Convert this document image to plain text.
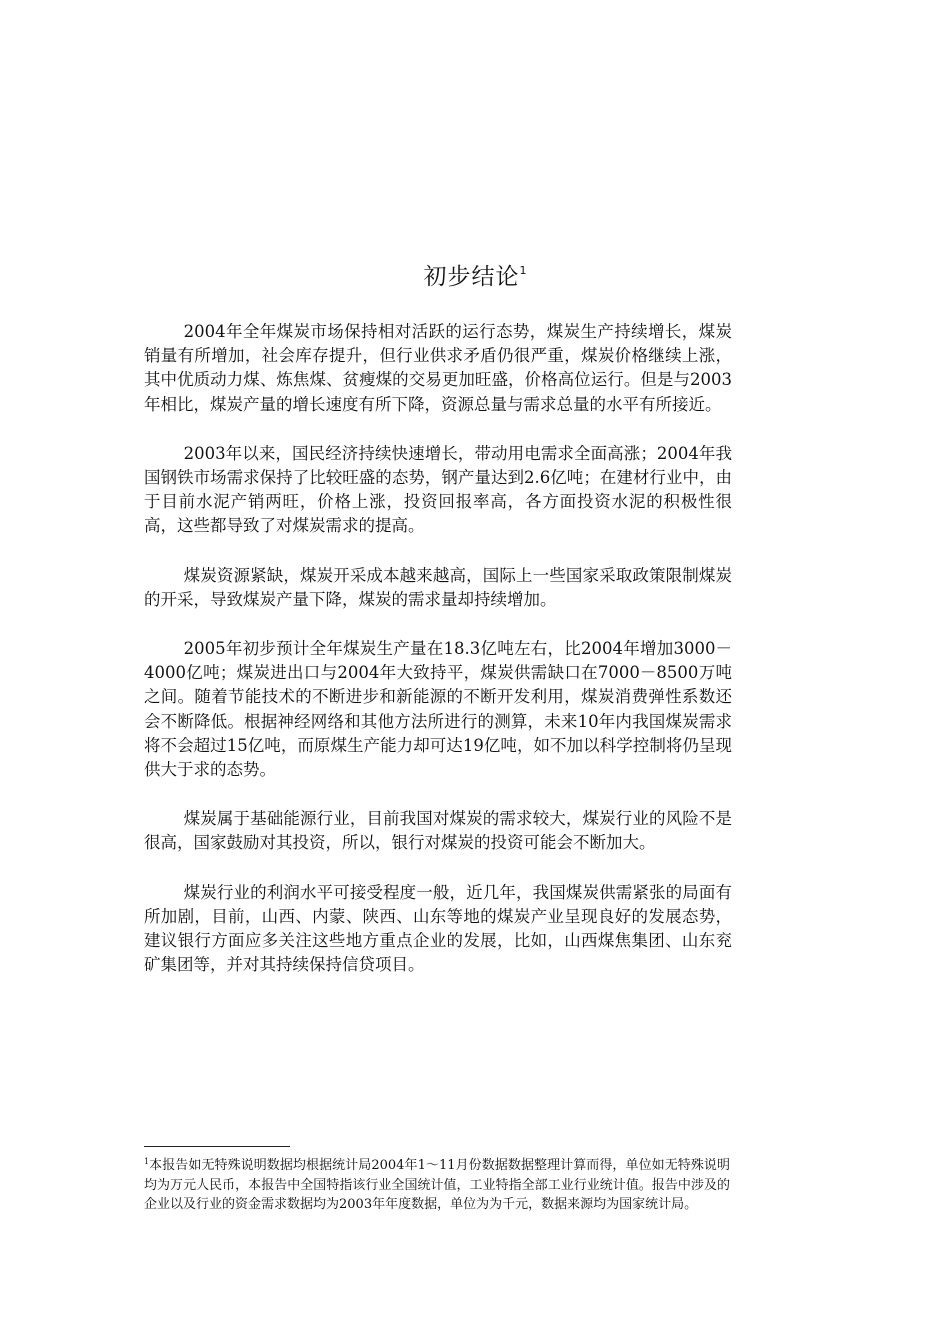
初步结论$^1$

2004年全年煤炭市场保持相对活跃的运行态势，煤炭生产持续增长，煤炭销量有所增加，社会库存提升，但行业供求矛盾仍很严重，煤炭价格继续上涨，其中优质动力煤、炼焦煤、贫瘦煤的交易更加旺盛，价格高位运行。但是与2003年相比，煤炭产量的增长速度有所下降，资源总量与需求总量的水平有所接近。

2003年以来，国民经济持续快速增长，带动用电需求全面高涨；2004年我国钢铁市场需求保持了比较旺盛的态势，钢产量达到2.6亿吨；在建材行业中，由于目前水泥产销两旺，价格上涨，投资回报率高，各方面投资水泥的积极性很高，这些都导致了对煤炭需求的提高。

煤炭资源紧缺，煤炭开采成本越来越高，国际上一些国家采取政策限制煤炭的开采，导致煤炭产量下降，煤炭的需求量却持续增加。

2005年初步预计全年煤炭生产量在18.3亿吨左右，比2004年增加3000－4000亿吨；煤炭进出口与2004年大致持平，煤炭供需缺口在7000－8500万吨之间。随着节能技术的不断进步和新能源的不断开发利用，煤炭消费弹性系数还会不断降低。根据神经网络和其他方法所进行的测算，未来10年内我国煤炭需求将不会超过15亿吨，而原煤生产能力却可达19亿吨，如不加以科学控制将仍呈现供大于求的态势。

煤炭属于基础能源行业，目前我国对煤炭的需求较大，煤炭行业的风险不是很高，国家鼓励对其投资，所以，银行对煤炭的投资可能会不断加大。

煤炭行业的利润水平可接受程度一般，近几年，我国煤炭供需紧张的局面有所加剧，目前，山西、内蒙、陕西、山东等地的煤炭产业呈现良好的发展态势，建议银行方面应多关注这些地方重点企业的发展，比如，山西煤焦集团、山东兖矿集团等，并对其持续保持信贷项目。

$^1$本报告如无特殊说明数据均根据统计局2004年1～11月份数据数据整理计算而得，单位如无特殊说明均为万元人民币，本报告中全国特指该行业全国统计值，工业特指全部工业行业统计值。报告中涉及的企业以及行业的资金需求数据均为2003年年度数据，单位为为千元，数据来源均为国家统计局。
